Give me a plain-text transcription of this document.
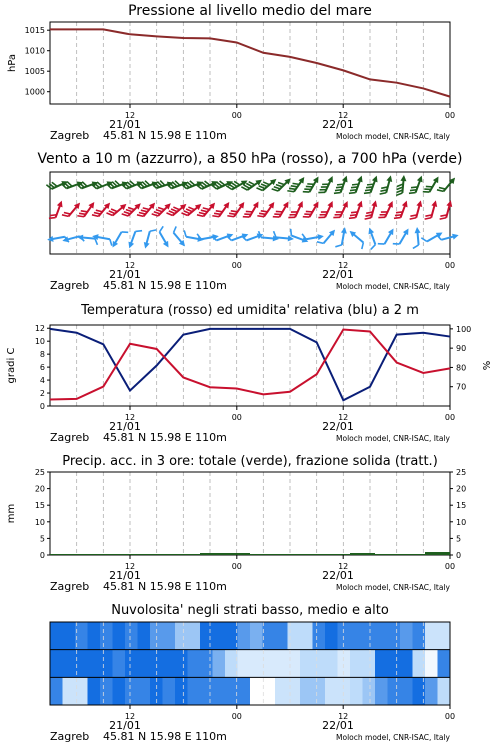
12	00	12	00
21/01	22/01
Zagreb 45.81 N 15.98 E 110m	Moloch model, CNR-ISAC, Italy
Pressione al livello medio del mare
hPa
1000
1005
1010
1015
12	00	12	00
21/01	22/01
Zagreb 45.81 N 15.98 E 110m	Moloch model, CNR-ISAC, Italy
Vento a 10 m (azzurro), a 850 hPa (rosso), a 700 hPa (verde)
12	00	12	00
21/01	22/01
Zagreb 45.81 N 15.98 E 110m	Moloch model, CNR-ISAC, Italy
Temperatura (rosso) ed umidita' relativa (blu) a 2 m
gradi C	%
0
2
4
6
8
10
12
70
80
90
100
12	00	12	00
21/01	22/01
Zagreb 45.81 N 15.98 E 110m	Moloch model, CNR-ISAC, Italy
Precip. acc. in 3 ore: totale (verde), frazione solida (tratt.)
mm
0	0
5	5
10	10
15	15
20	20
25	25
12	00	12	00
21/01	22/01
Zagreb 45.81 N 15.98 E 110m	Moloch model, CNR-ISAC, Italy
Nuvolosita' negli strati basso, medio e alto
